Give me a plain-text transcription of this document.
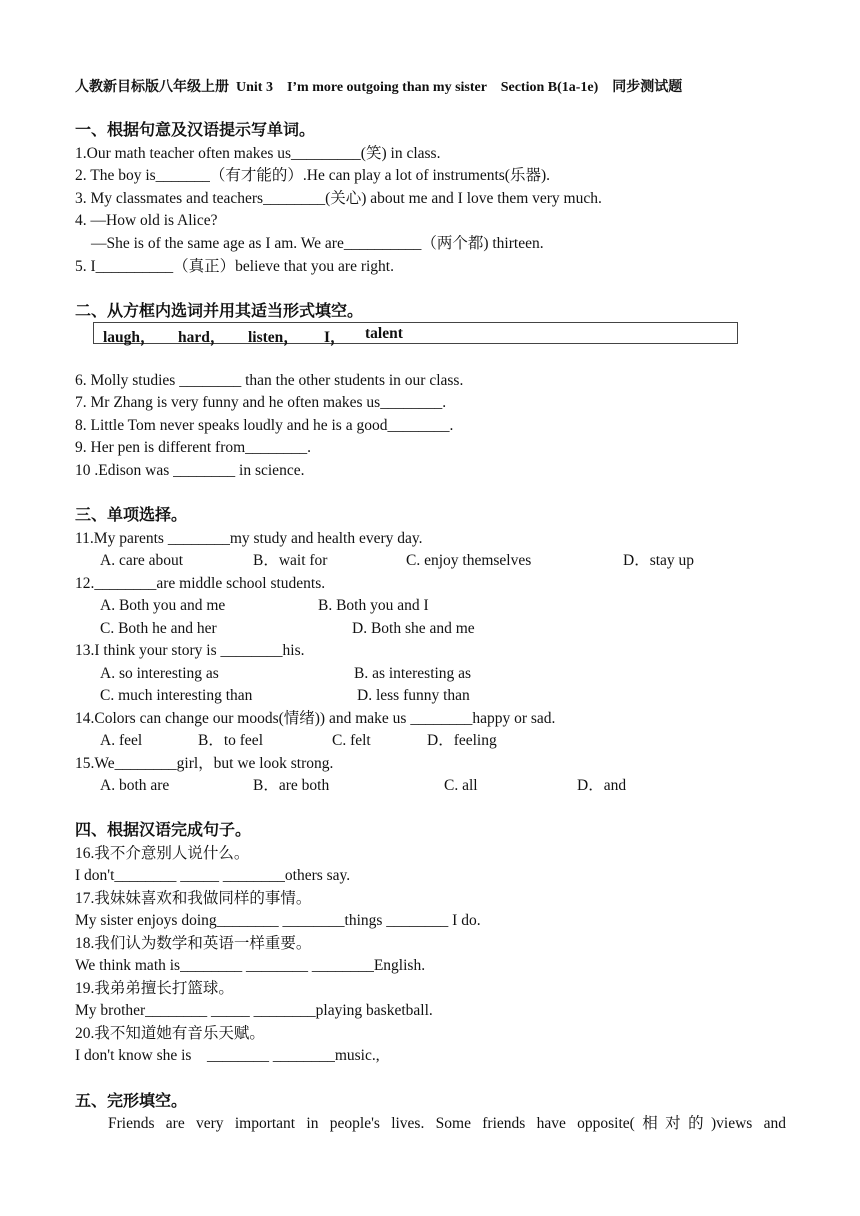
人教新目标版八年级上册  Unit 3    I’m more outgoing than my sister    Section B(1a-1e)    同步测试题
一、根据句意及汉语提示写单词。
1.Our math teacher often makes us_________(笑) in class.
2. The boy is_______（有才能的）.He can play a lot of instruments(乐器).
3. My classmates and teachers________(关心) about me and I love them very much.
4. —How old is Alice?
—She is of the same age as I am. We are__________（两个都) thirteen.
5. I__________（真正）believe that you are right.
二、从方框内选词并用其适当形式填空。
laugh， hard， listen， I， talent
6. Molly studies ________ than the other students in our class.
7. Mr Zhang is very funny and he often makes us________.
8. Little Tom never speaks loudly and he is a good________.
9. Her pen is different from________.
10 .Edison was ________ in science.
三、单项选择。
11.My parents ________my study and health every day.
A. care about	B．wait for	C. enjoy themselves	D．stay up
12.________are middle school students.
A. Both you and me	B. Both you and I
C. Both he and her	D. Both she and me
13.I think your story is ________his.
A. so interesting as	B. as interesting as
C. much interesting than	D. less funny than
14.Colors can change our moods(情绪)) and make us ________happy or sad.
A. feel	B．to feel	C. felt	D．feeling
15.We________girl，but we look strong.
A. both are	B．are both	C. all	D．and
四、根据汉语完成句子。
16.我不介意别人说什么。
I don't________ _____ ________others say.
17.我妹妹喜欢和我做同样的事情。
My sister enjoys doing________ ________things ________ I do.
18.我们认为数学和英语一样重要。
We think math is________ ________ ________English.
19.我弟弟擅长打篮球。
My brother________ _____ ________playing basketball.
20.我不知道她有音乐天赋。
I don't know she is    ________ ________music.,
五、完形填空。
Friends are very important in people's lives. Some friends have opposite(相对的)views and
